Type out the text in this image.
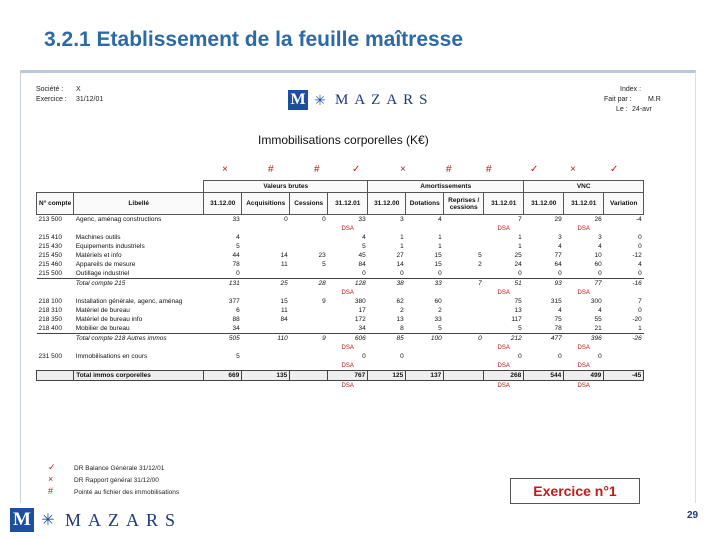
3.2.1 Etablissement de la feuille maîtresse
Société : X
Exercice : 31/12/01
Index :
Fait par : M.R
Le : 24-avr
M ✳ MAZARS
Immobilisations corporelles (K€)
×	#	#	✓	×	#	#	✓	×	✓
		Valeurs brutes				Amortissements				VNC		
N° compte	Libellé	31.12.00	Acquisitions	Cessions	31.12.01	31.12.00	Dotations	Reprises / cessions	31.12.01	31.12.00	31.12.01	Variation
213 500	Agenc, aménag constructions	33	0	0	33	3	4		7	29	26	-4
					DSA				DSA		DSA	
215 410	Machines outils	4			4	1	1		1	3	3	0
215 430	Equipements industriels	5			5	1	1		1	4	4	0
215 450	Matériels et info	44	14	23	45	27	15	5	25	77	10	-12
215 460	Appareils de mesure	78	11	5	84	14	15	2	24	64	60	4
215 500	Outillage industriel	0			0	0	0		0	0	0	0
	Total compte 215	131	25	28	128	38	33	7	51	93	77	-16
					DSA				DSA		DSA	
218 100	Installation générale, agenc, aménag	377	15	9	380	62	60		75	315	300	7
218 310	Matériel de bureau	6	11		17	2	2		13	4	4	0
218 350	Matériel de bureau info	88	84		172	13	33		117	75	55	-20
218 400	Mobilier de bureau	34			34	8	5		5	78	21	1
	Total compte 218 Autres immos	505	110	9	606	85	100	0	212	477	396	-26
					DSA				DSA		DSA	
231 500	Immobilisations en cours	5			0	0			0	0	0	
					DSA				DSA		DSA	
	Total immos corporelles	669	135		767	125	137		268	544	499	-45
					DSA				DSA		DSA	
✓	DR Balance Générale 31/12/01
×	DR Rapport général 31/12/00
#	Pointé au fichier des immobilisations	Exercice n°1
M ✳ MAZARS	29
